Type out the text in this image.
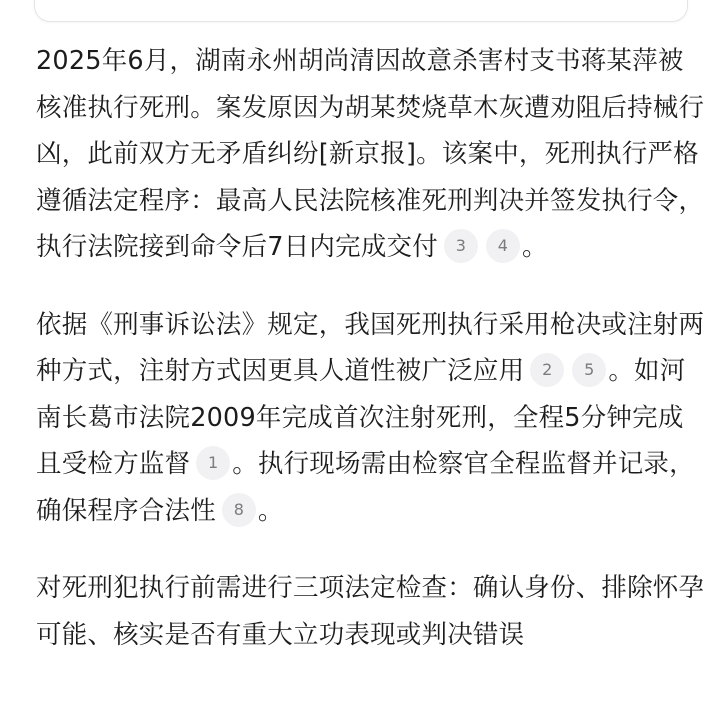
2025年6月，湖南永州胡尚清因故意杀害村支书蒋某萍被核准执行死刑。案发原因为胡某焚烧草木灰遭劝阻后持械行凶，此前双方无矛盾纠纷[新京报]。该案中，死刑执行严格遵循法定程序：最高人民法院核准死刑判决并签发执行令，执行法院接到命令后7日内完成交付 3 4 。

依据《刑事诉讼法》规定，我国死刑执行采用枪决或注射两种方式，注射方式因更具人道性被广泛应用 2 5 。如河南长葛市法院2009年完成首次注射死刑，全程5分钟完成且受检方监督 1 。执行现场需由检察官全程监督并记录，确保程序合法性 8 。

对死刑犯执行前需进行三项法定检查：确认身份、排除怀孕可能、核实是否有重大立功表现或判决错误
